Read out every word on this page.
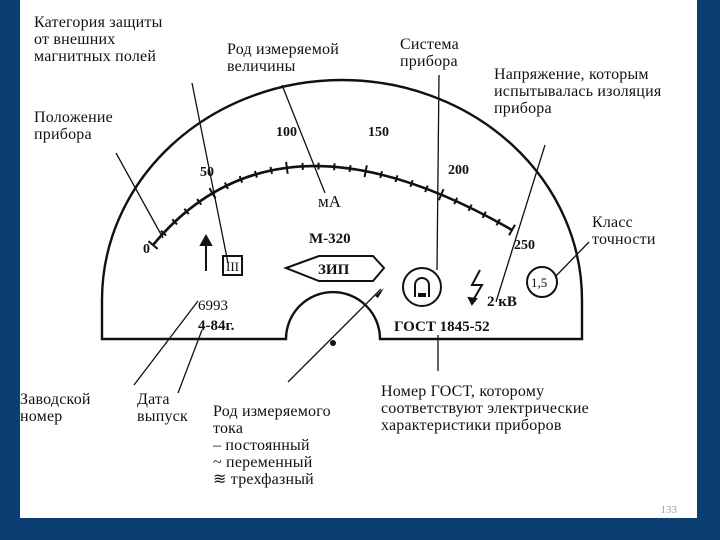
0
50
100	150
200
250
мА
М-320
2 кВ
6993
4-84г.	ГОСТ 1845-52
ЗИП
III
1,5
Категория защиты
от внешних
магнитных полей	Род измеряемой
величины
Система
прибора
Напряжение, которым
испытывалась изоляция
прибора
Положение
прибора
Класс
точности
Заводской
номер
Дата
выпуск Род измеряемого
тока
– постоянный
~ переменный
≋ трехфазный
Номер ГОСТ, которому
соответствуют электрические
характеристики приборов
133
